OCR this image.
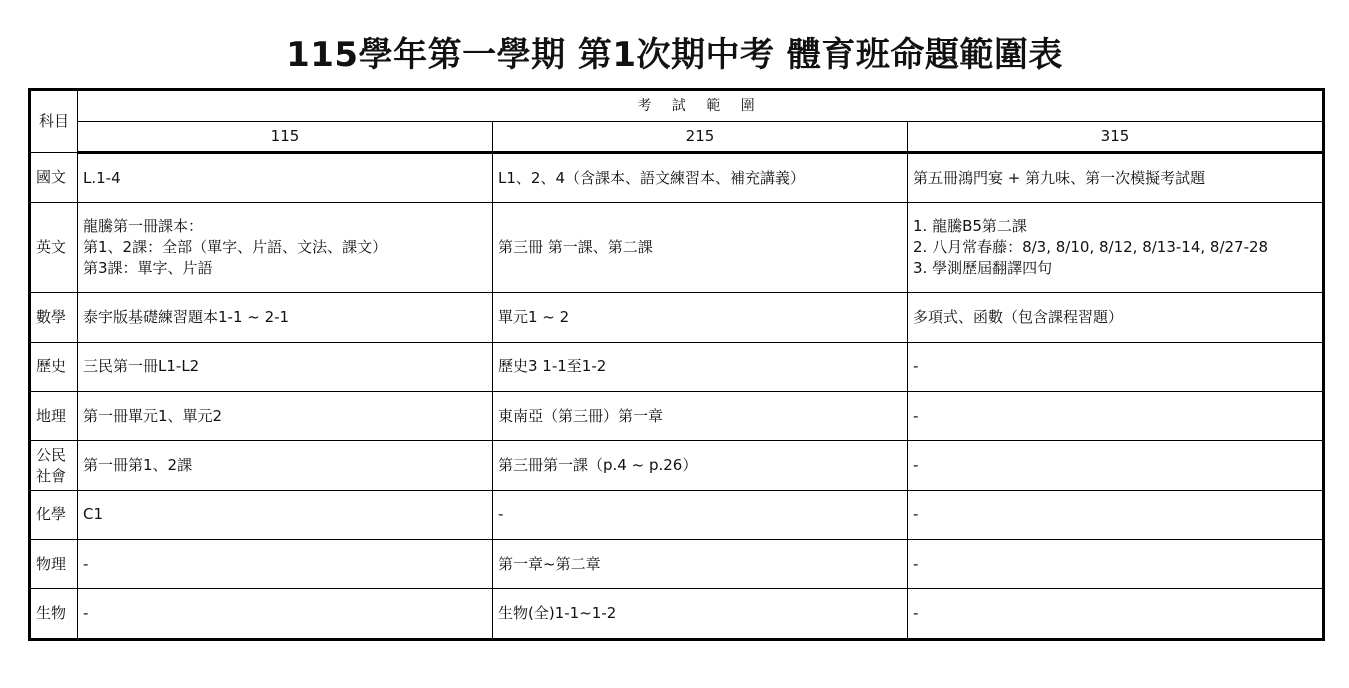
115學年第一學期 第1次期中考 體育班命題範圍表
科目	考 試 範 圍		
	115	215	315

國文	L.1-4	L1、2、4（含課本、語文練習本、補充講義）	第五冊鴻門宴 + 第九味、第一次模擬考試題

英文	龍騰第一冊課本：
第1、2課：全部（單字、片語、文法、課文）
第3課：單字、片語	第三冊 第一課、第二課	1. 龍騰B5第二課
2. 八月常春藤：8/3, 8/10, 8/12, 8/13-14, 8/27-28
3. 學測歷屆翻譯四句

數學	泰宇版基礎練習題本1-1 ~ 2-1	單元1 ~ 2	多項式、函數（包含課程習題）

歷史	三民第一冊L1-L2	歷史3 1-1至1-2	-

地理	第一冊單元1、單元2	東南亞（第三冊）第一章	-

公民
社會	第一冊第1、2課	第三冊第一課（p.4 ~ p.26）	-

化學	C1	-	-

物理	-	第一章~第二章	-

生物	-	生物(全)1-1~1-2	-
